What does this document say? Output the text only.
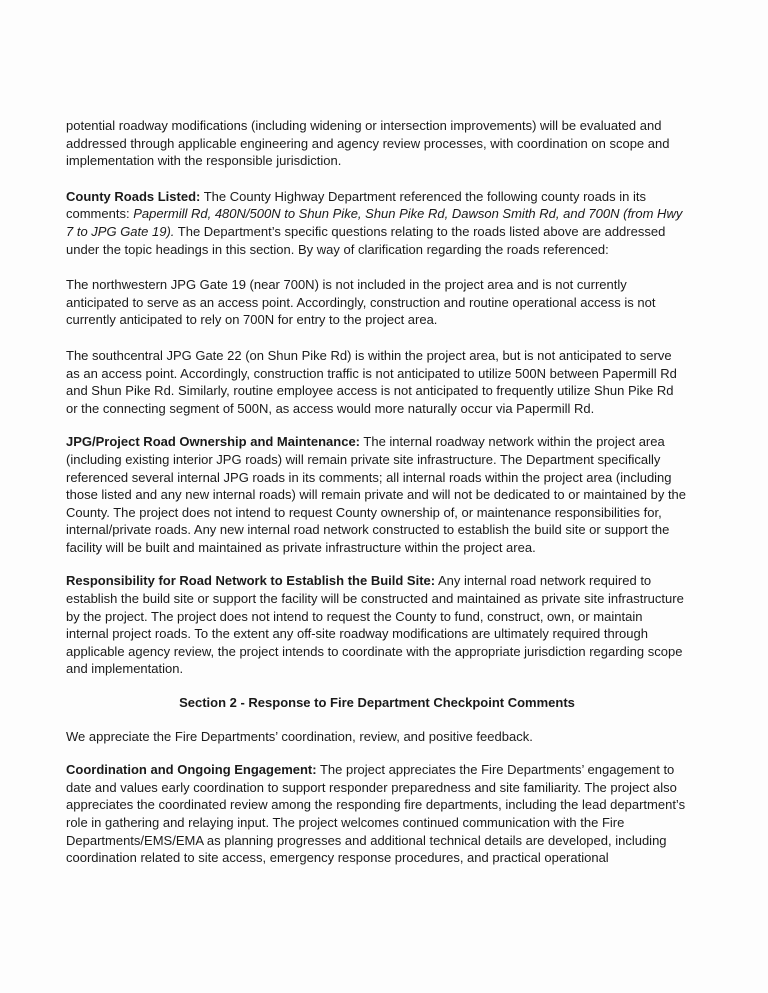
potential roadway modifications (including widening or intersection improvements) will be evaluated and addressed through applicable engineering and agency review processes, with coordination on scope and implementation with the responsible jurisdiction.

County Roads Listed: The County Highway Department referenced the following county roads in its comments: Papermill Rd, 480N/500N to Shun Pike, Shun Pike Rd, Dawson Smith Rd, and 700N (from Hwy 7 to JPG Gate 19). The Department’s specific questions relating to the roads listed above are addressed under the topic headings in this section. By way of clarification regarding the roads referenced:

The northwestern JPG Gate 19 (near 700N) is not included in the project area and is not currently anticipated to serve as an access point. Accordingly, construction and routine operational access is not currently anticipated to rely on 700N for entry to the project area.

The southcentral JPG Gate 22 (on Shun Pike Rd) is within the project area, but is not anticipated to serve as an access point. Accordingly, construction traffic is not anticipated to utilize 500N between Papermill Rd and Shun Pike Rd. Similarly, routine employee access is not anticipated to frequently utilize Shun Pike Rd or the connecting segment of 500N, as access would more naturally occur via Papermill Rd.

JPG/Project Road Ownership and Maintenance: The internal roadway network within the project area (including existing interior JPG roads) will remain private site infrastructure. The Department specifically referenced several internal JPG roads in its comments; all internal roads within the project area (including those listed and any new internal roads) will remain private and will not be dedicated to or maintained by the County. The project does not intend to request County ownership of, or maintenance responsibilities for, internal/private roads. Any new internal road network constructed to establish the build site or support the facility will be built and maintained as private infrastructure within the project area.

Responsibility for Road Network to Establish the Build Site: Any internal road network required to establish the build site or support the facility will be constructed and maintained as private site infrastructure by the project. The project does not intend to request the County to fund, construct, own, or maintain internal project roads. To the extent any off-site roadway modifications are ultimately required through applicable agency review, the project intends to coordinate with the appropriate jurisdiction regarding scope and implementation.

Section 2 - Response to Fire Department Checkpoint Comments

We appreciate the Fire Departments’ coordination, review, and positive feedback.

Coordination and Ongoing Engagement: The project appreciates the Fire Departments’ engagement to date and values early coordination to support responder preparedness and site familiarity. The project also appreciates the coordinated review among the responding fire departments, including the lead department’s role in gathering and relaying input. The project welcomes continued communication with the Fire Departments/EMS/EMA as planning progresses and additional technical details are developed, including coordination related to site access, emergency response procedures, and practical operational
